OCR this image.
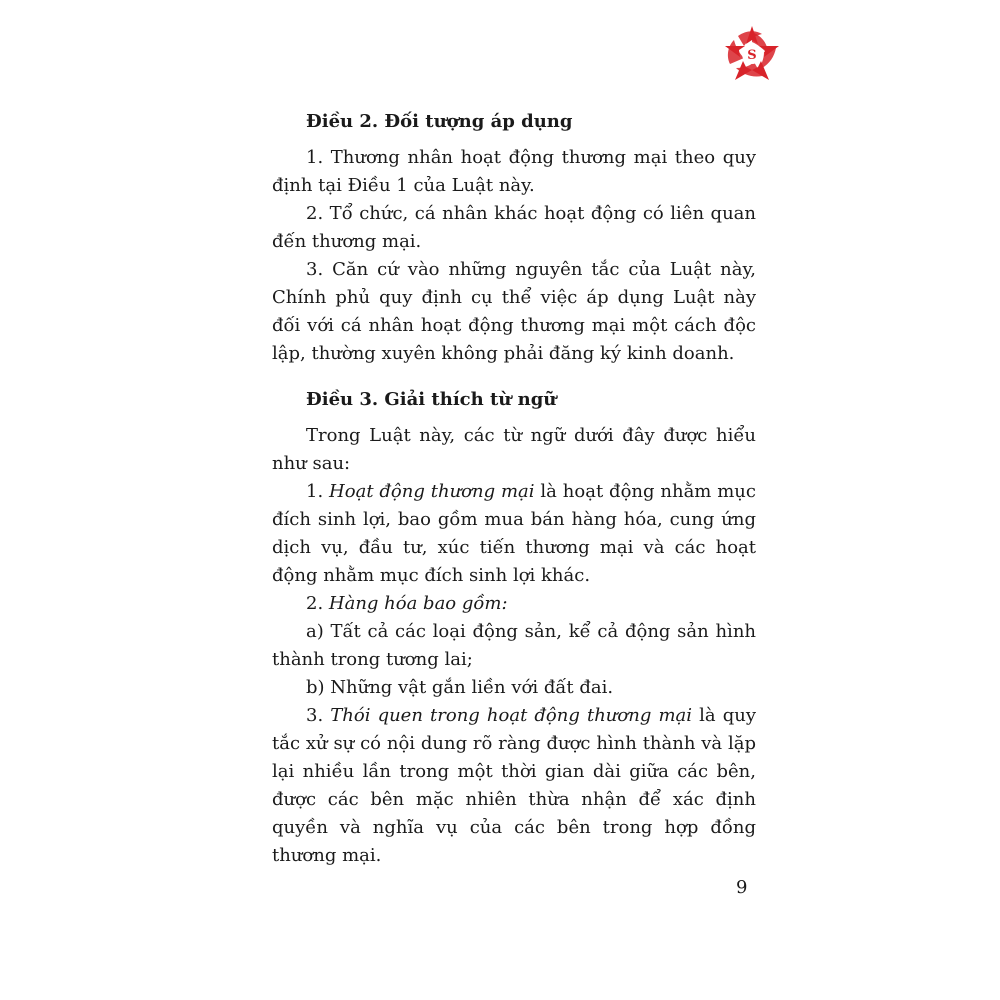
S

Điều 2. Đối tượng áp dụng

1. Thương nhân hoạt động thương mại theo quy định tại Điều 1 của Luật này.

2. Tổ chức, cá nhân khác hoạt động có liên quan đến thương mại.

3. Căn cứ vào những nguyên tắc của Luật này, Chính phủ quy định cụ thể việc áp dụng Luật này đối với cá nhân hoạt động thương mại một cách độc lập, thường xuyên không phải đăng ký kinh doanh.

Điều 3. Giải thích từ ngữ

Trong Luật này, các từ ngữ dưới đây được hiểu như sau:

1. Hoạt động thương mại là hoạt động nhằm mục đích sinh lợi, bao gồm mua bán hàng hóa, cung ứng dịch vụ, đầu tư, xúc tiến thương mại và các hoạt động nhằm mục đích sinh lợi khác.

2. Hàng hóa bao gồm:

a) Tất cả các loại động sản, kể cả động sản hình thành trong tương lai;

b) Những vật gắn liền với đất đai.

3. Thói quen trong hoạt động thương mại là quy tắc xử sự có nội dung rõ ràng được hình thành và lặp lại nhiều lần trong một thời gian dài giữa các bên, được các bên mặc nhiên thừa nhận để xác định quyền và nghĩa vụ của các bên trong hợp đồng thương mại.

9
